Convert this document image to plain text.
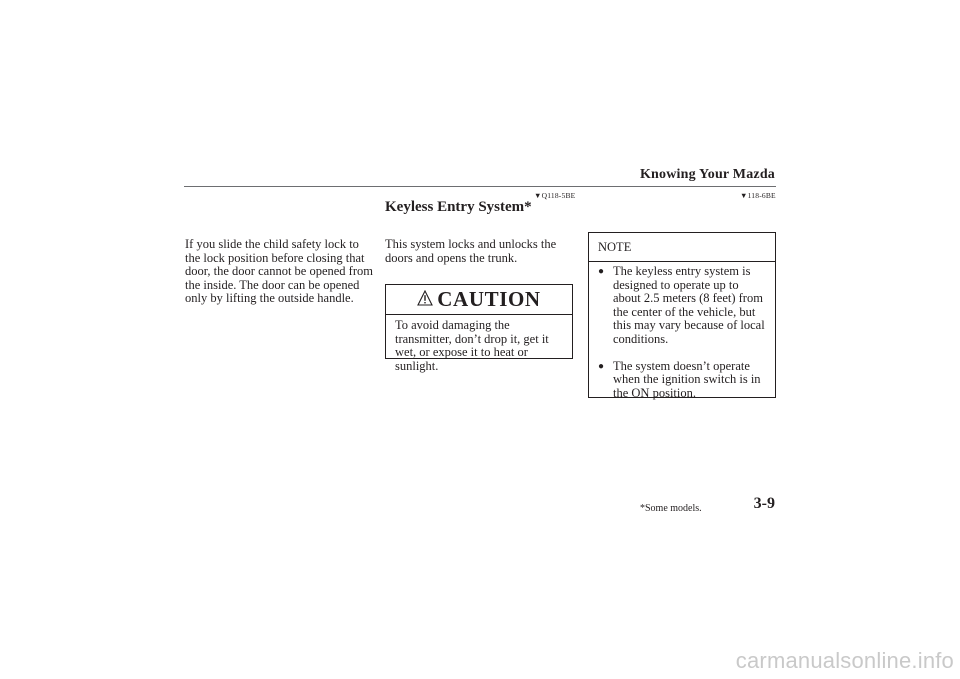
Knowing Your Mazda
▼Q118-5BE	▼118-6BE
Keyless Entry System*
If you slide the child safety lock to the lock position before closing that door, the door cannot be opened from the inside. The door can be opened only by lifting the outside handle.
This system locks and unlocks the doors and opens the trunk.
CAUTION
To avoid damaging the transmitter, don’t drop it, get it wet, or expose it to heat or sunlight.
NOTE
● The keyless entry system is designed to operate up to about 2.5 meters (8 feet) from the center of the vehicle, but this may vary because of local conditions.
● The system doesn’t operate when the ignition switch is in the ON position.
*Some models.	3-9
carmanualsonline.info
